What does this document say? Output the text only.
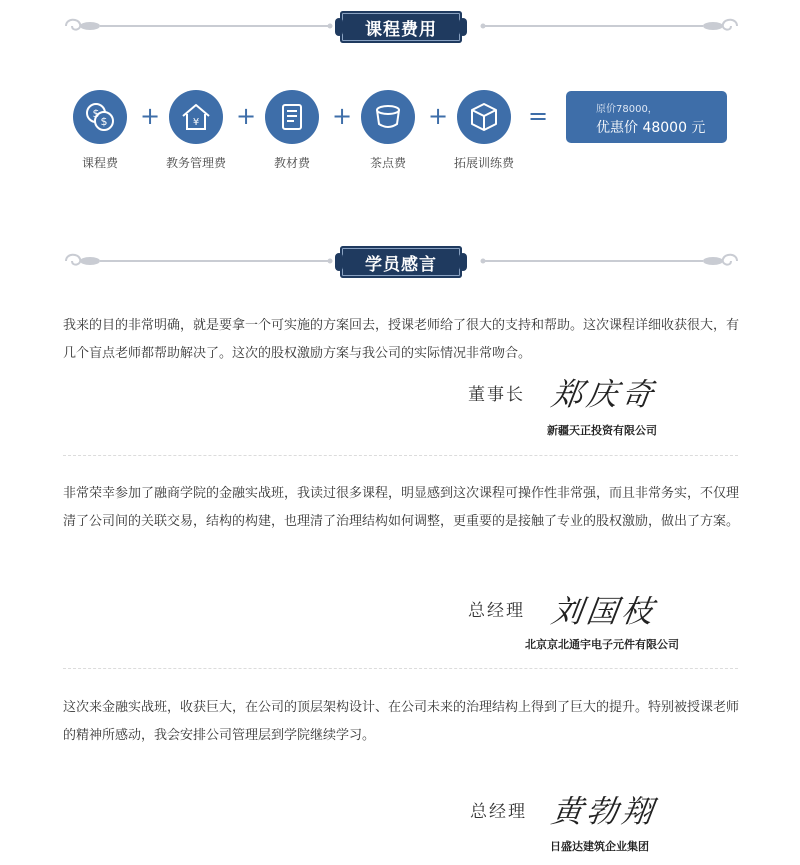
课程费用
$
$
课程费
+	¥
教务管理费
+
教材费
+
茶点费
+
拓展训练费
=	原价78000，
优惠价 48000 元
学员感言
我来的目的非常明确，就是要拿一个可实施的方案回去，授课老师给了很大的支持和帮助。这次课程详细收获很大，有几个盲点老师都帮助解决了。这次的股权激励方案与我公司的实际情况非常吻合。
董事长 郑庆奇
新疆天正投资有限公司
非常荣幸参加了融商学院的金融实战班，我读过很多课程，明显感到这次课程可操作性非常强，而且非常务实，不仅理清了公司间的关联交易，结构的构建，也理清了治理结构如何调整，更重要的是接触了专业的股权激励，做出了方案。
总经理 刘国枝
北京京北通宇电子元件有限公司
这次来金融实战班，收获巨大，在公司的顶层架构设计、在公司未来的治理结构上得到了巨大的提升。特别被授课老师的精神所感动，我会安排公司管理层到学院继续学习。
总经理 黄勃翔
日盛达建筑企业集团
